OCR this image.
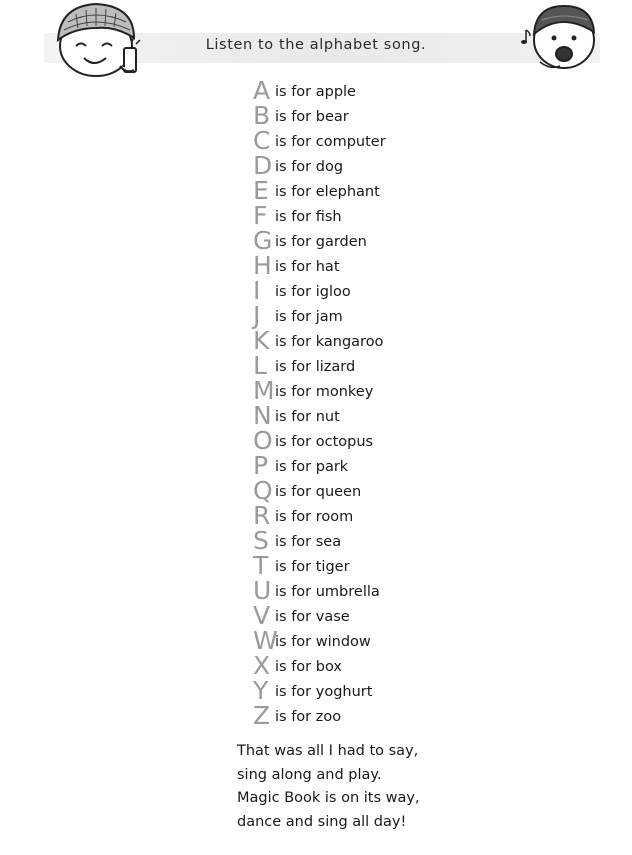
Listen to the alphabet song.
A is for apple
B is for bear
C is for computer
D is for dog
E is for elephant
F is for fish
G is for garden
H is for hat
I	is for igloo
J	is for jam
K is for kangaroo
L is for lizard
M is for monkey
N is for nut
O is for octopus
P is for park
Q is for queen
R is for room
S is for sea
T is for tiger
U is for umbrella
V is for vase
W
is for window
X is for box
Y is for yoghurt
Z is for zoo
That was all I had to say,
sing along and play.
Magic Book is on its way,
dance and sing all day!
